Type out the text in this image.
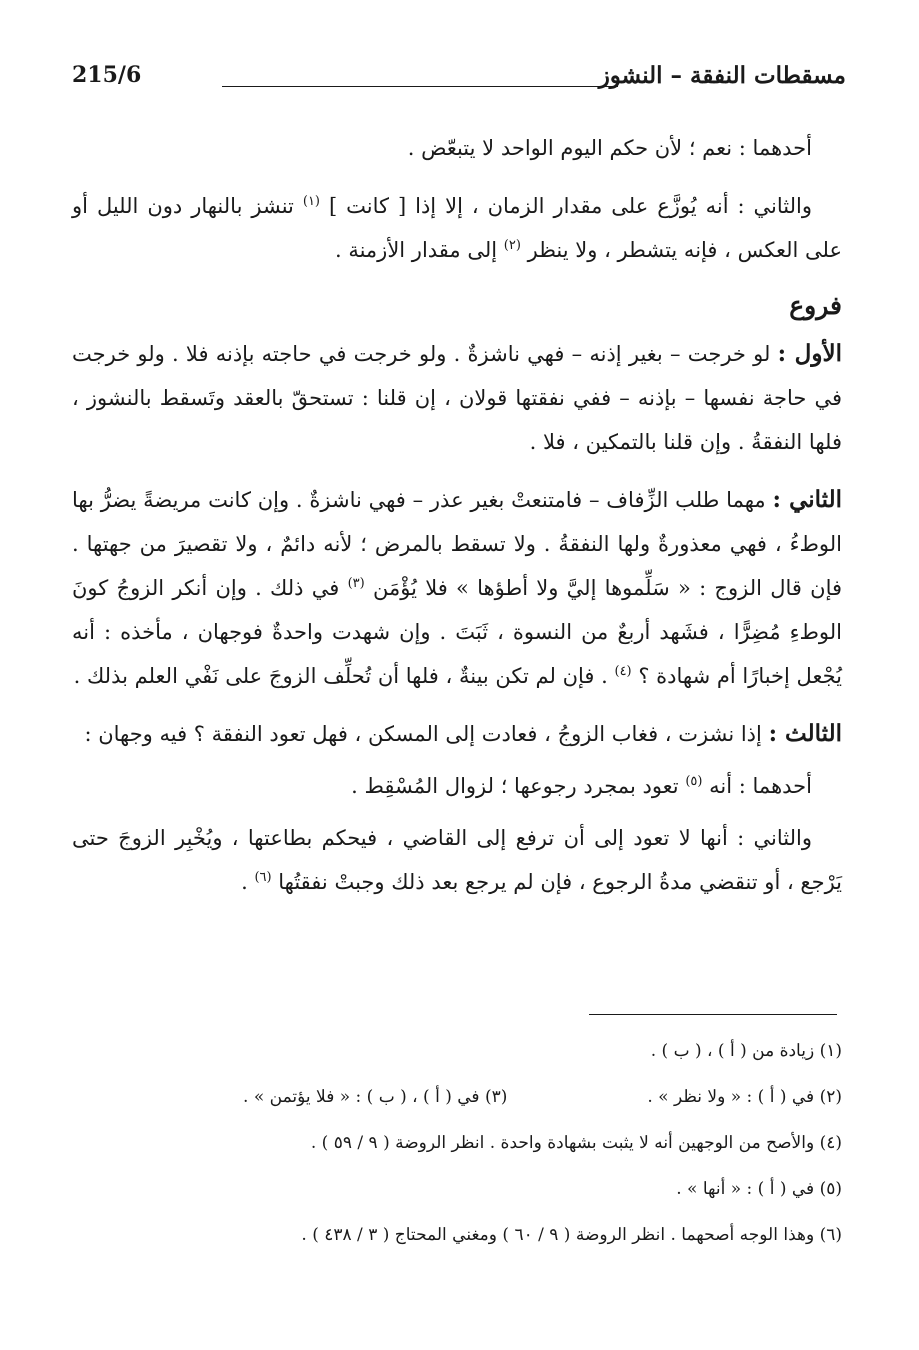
مسقطات النفقة – النشوز
215/6

أحدهما : نعم ؛ لأن حكم اليوم الواحد لا يتبعّض .

والثاني : أنه يُوزَّع على مقدار الزمان ، إلا إذا [ كانت ] $^{(١)}$ تنشز بالنهار دون الليل أو على العكس ، فإنه يتشطر ، ولا ينظر $^{(٢)}$ إلى مقدار الأزمنة .

فروع

الأول : لو خرجت – بغير إذنه – فهي ناشزةٌ . ولو خرجت في حاجته بإذنه فلا . ولو خرجت في حاجة نفسها – بإذنه – ففي نفقتها قولان ، إن قلنا : تستحقّ بالعقد وتَسقط بالنشوز ، فلها النفقةُ . وإن قلنا بالتمكين ، فلا .

الثاني : مهما طلب الزِّفاف – فامتنعتْ بغير عذر – فهي ناشزةٌ . وإن كانت مريضةً يضرُّ بها الوطءُ ، فهي معذورةٌ ولها النفقةُ . ولا تسقط بالمرض ؛ لأنه دائمٌ ، ولا تقصيرَ من جهتها . فإن قال الزوج : « سَلِّموها إليَّ ولا أطؤها » فلا يُؤْمَن $^{(٣)}$ في ذلك . وإن أنكر الزوجُ كونَ الوطءِ مُضِرًّا ، فشَهد أربعٌ من النسوة ، ثَبَتَ . وإن شهدت واحدةٌ فوجهان ، مأخذه : أنه يُجْعل إخبارًا أم شهادة ؟ $^{(٤)}$ . فإن لم تكن بينةٌ ، فلها أن تُحلِّف الزوجَ على نَفْي العلم بذلك .

الثالث : إذا نشزت ، فغاب الزوجُ ، فعادت إلى المسكن ، فهل تعود النفقة ؟ فيه وجهان :

أحدهما : أنه $^{(٥)}$ تعود بمجرد رجوعها ؛ لزوال المُسْقِط .

والثاني : أنها لا تعود إلى أن ترفع إلى القاضي ، فيحكم بطاعتها ، ويُخْبِر الزوجَ حتى يَرْجع ، أو تنقضي مدةُ الرجوع ، فإن لم يرجع بعد ذلك وجبتْ نفقتُها $^{(٦)}$ .

(١) زيادة من ( أ ) ، ( ب ) .
(٢) في ( أ ) : « ولا نظر » .
(٣) في ( أ ) ، ( ب ) : « فلا يؤتمن » .
(٤) والأصح من الوجهين أنه لا يثبت بشهادة واحدة . انظر الروضة ( ٩ / ٥٩ ) .
(٥) في ( أ ) : « أنها » .
(٦) وهذا الوجه أصحهما . انظر الروضة ( ٩ / ٦٠ ) ومغني المحتاج ( ٣ / ٤٣٨ ) .
